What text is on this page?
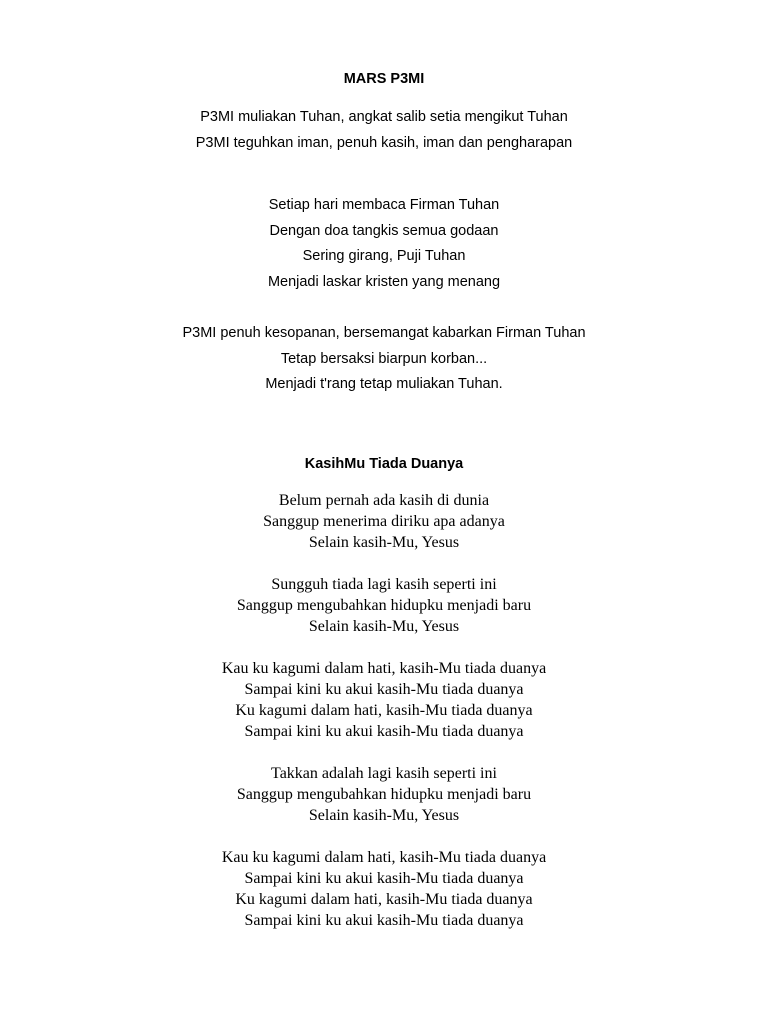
MARS P3MI
P3MI muliakan Tuhan, angkat salib setia mengikut Tuhan
P3MI teguhkan iman, penuh kasih, iman dan pengharapan
Setiap hari membaca Firman Tuhan
Dengan doa tangkis semua godaan
Sering girang, Puji Tuhan
Menjadi laskar kristen yang menang
P3MI penuh kesopanan, bersemangat kabarkan Firman Tuhan
Tetap bersaksi biarpun korban...
Menjadi t'rang tetap muliakan Tuhan.
KasihMu Tiada Duanya
Belum pernah ada kasih di dunia
Sanggup menerima diriku apa adanya
Selain kasih-Mu, Yesus
Sungguh tiada lagi kasih seperti ini
Sanggup mengubahkan hidupku menjadi baru
Selain kasih-Mu, Yesus
Kau ku kagumi dalam hati, kasih-Mu tiada duanya
Sampai kini ku akui kasih-Mu tiada duanya
Ku kagumi dalam hati, kasih-Mu tiada duanya
Sampai kini ku akui kasih-Mu tiada duanya
Takkan adalah lagi kasih seperti ini
Sanggup mengubahkan hidupku menjadi baru
Selain kasih-Mu, Yesus
Kau ku kagumi dalam hati, kasih-Mu tiada duanya
Sampai kini ku akui kasih-Mu tiada duanya
Ku kagumi dalam hati, kasih-Mu tiada duanya
Sampai kini ku akui kasih-Mu tiada duanya
